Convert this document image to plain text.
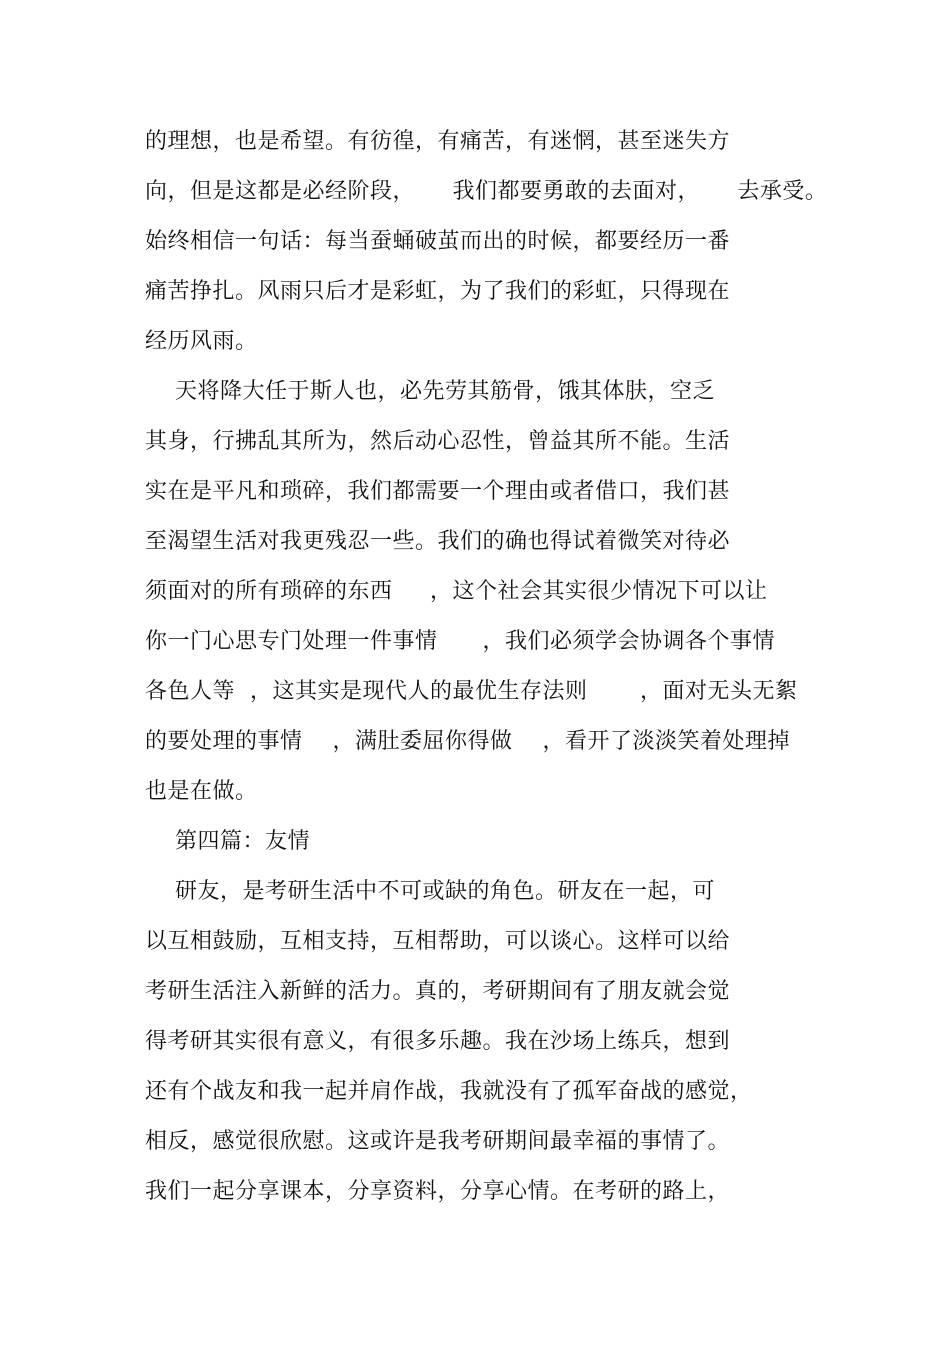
的理想，也是希望。有彷徨，有痛苦，有迷惘，甚至迷失方
向，但是这都是必经阶段，     我们都要勇敢的去面对，     去承受。
始终相信一句话：每当蚕蛹破茧而出的时候，都要经历一番
痛苦挣扎。风雨只后才是彩虹，为了我们的彩虹，只得现在
经历风雨。
天将降大任于斯人也，必先劳其筋骨，饿其体肤，空乏
其身，行拂乱其所为，然后动心忍性，曾益其所不能。生活
实在是平凡和琐碎，我们都需要一个理由或者借口，我们甚
至渴望生活对我更残忍一些。我们的确也得试着微笑对待必
须面对的所有琐碎的东西     ，这个社会其实很少情况下可以让
你一门心思专门处理一件事情      ，我们必须学会协调各个事情
各色人等  ，这其实是现代人的最优生存法则       ，面对无头无絮
的要处理的事情    ，满肚委屈你得做    ，看开了淡淡笑着处理掉
也是在做。
第四篇：友情
研友，是考研生活中不可或缺的角色。研友在一起，可
以互相鼓励，互相支持，互相帮助，可以谈心。这样可以给
考研生活注入新鲜的活力。真的，考研期间有了朋友就会觉
得考研其实很有意义，有很多乐趣。我在沙场上练兵，想到
还有个战友和我一起并肩作战，我就没有了孤军奋战的感觉，
相反，感觉很欣慰。这或许是我考研期间最幸福的事情了。
我们一起分享课本，分享资料，分享心情。在考研的路上，
